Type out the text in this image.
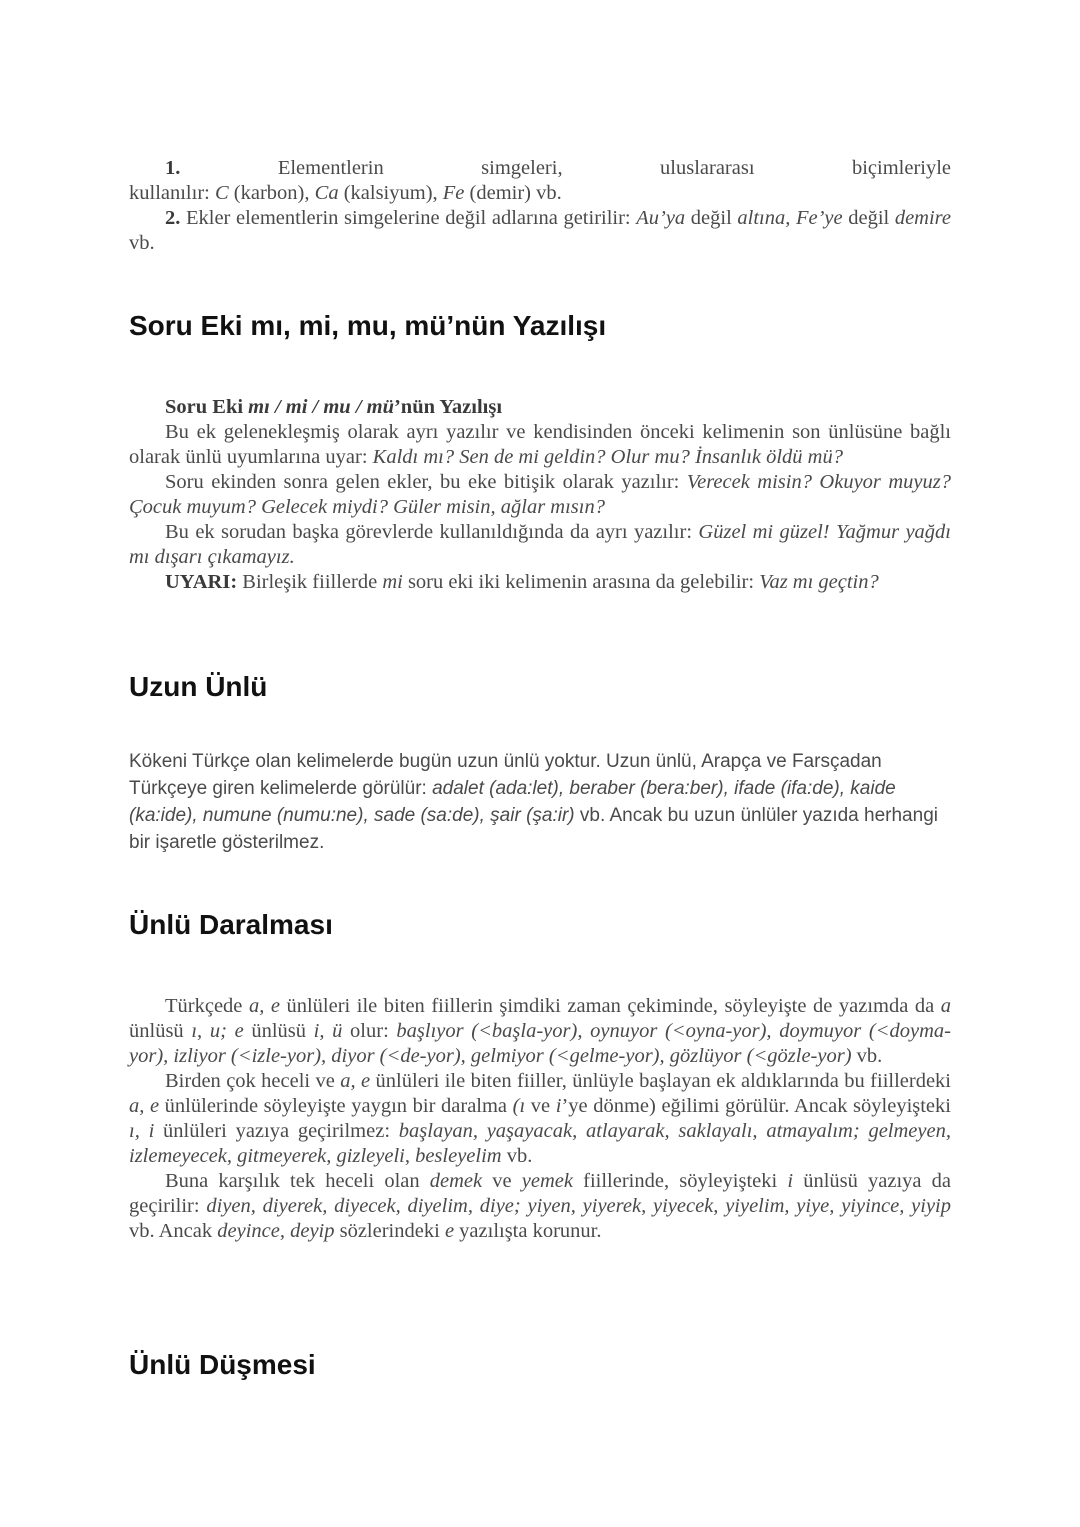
1.	Elementlerin	simgeleri,	uluslararası	biçimleriyle

kullanılır: C (karbon), Ca (kalsiyum), Fe (demir) vb.

2. Ekler elementlerin simgelerine değil adlarına getirilir: Au’ya değil altına, Fe’ye değil demire vb.

Soru Eki mı, mi, mu, mü’nün Yazılışı

Soru Eki mı / mi / mu / mü’nün Yazılışı

Bu ek gelenekleşmiş olarak ayrı yazılır ve kendisinden önceki kelimenin son ünlüsüne bağlı olarak ünlü uyumlarına uyar: Kaldı mı? Sen de mi geldin? Olur mu? İnsanlık öldü mü?

Soru ekinden sonra gelen ekler, bu eke bitişik olarak yazılır: Verecek misin? Okuyor muyuz? Çocuk muyum? Gelecek miydi? Güler misin, ağlar mısın?

Bu ek sorudan başka görevlerde kullanıldığında da ayrı yazılır: Güzel mi güzel! Yağmur yağdı mı dışarı çıkamayız.

UYARI: Birleşik fiillerde mi soru eki iki kelimenin arasına da gelebilir: Vaz mı geçtin?

Uzun Ünlü
Kökeni Türkçe olan kelimelerde bugün uzun ünlü yoktur. Uzun ünlü, Arapça ve Farsçadan Türkçeye giren kelimelerde görülür: adalet (ada:let), beraber (bera:ber), ifade (ifa:de), kaide (ka:ide), numune (numu:ne), sade (sa:de), şair (şa:ir) vb. Ancak bu uzun ünlüler yazıda herhangi bir işaretle gösterilmez.
Ünlü Daralması

Türkçede a, e ünlüleri ile biten fiillerin şimdiki zaman çekiminde, söyleyişte de yazımda da a ünlüsü ı, u; e ünlüsü i, ü olur: başlıyor (<başla-yor), oynuyor (<oyna-yor), doymuyor (<doyma-yor), izliyor (<izle-yor), diyor (<de-yor), gelmiyor (<gelme-yor), gözlüyor (<gözle-yor) vb.

Birden çok heceli ve a, e ünlüleri ile biten fiiller, ünlüyle başlayan ek aldıklarında bu fiillerdeki a, e ünlülerinde söyleyişte yaygın bir daralma (ı ve i’ye dönme) eğilimi görülür. Ancak söyleyişteki ı, i ünlüleri yazıya geçirilmez: başlayan, yaşayacak, atlayarak, saklayalı, atmayalım; gelmeyen, izlemeyecek, gitmeyerek, gizleyeli, besleyelim vb.

Buna karşılık tek heceli olan demek ve yemek fiillerinde, söyleyişteki i ünlüsü yazıya da geçirilir: diyen, diyerek, diyecek, diyelim, diye; yiyen, yiyerek, yiyecek, yiyelim, yiye, yiyince, yiyip vb. Ancak deyince, deyip sözlerindeki e yazılışta korunur.

Ünlü Düşmesi
